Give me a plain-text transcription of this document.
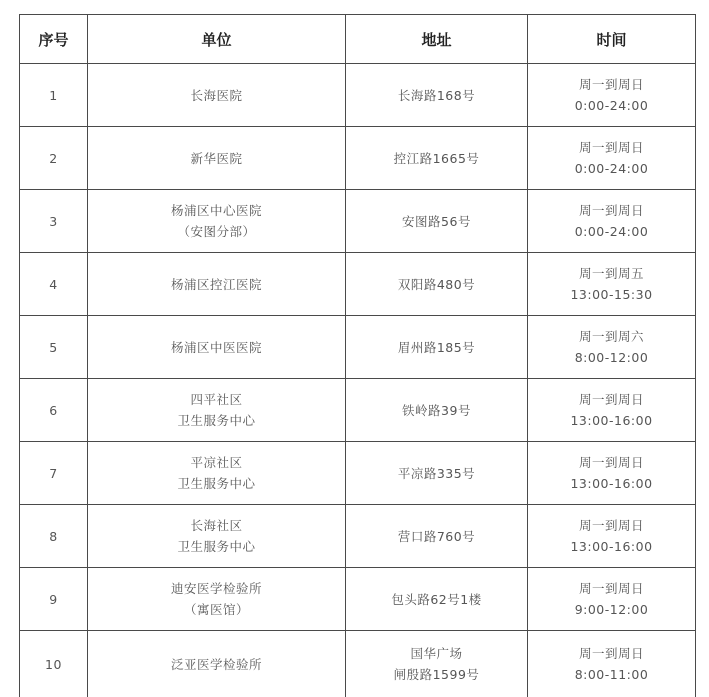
序号	单位	地址	时间
1	长海医院	长海路168号	周一到周日
0:00-24:00

2	新华医院	控江路1665号	周一到周日
0:00-24:00

3	杨浦区中心医院
（安图分部）	安图路56号	周一到周日
0:00-24:00

4	杨浦区控江医院	双阳路480号	周一到周五
13:00-15:30

5	杨浦区中医医院	眉州路185号	周一到周六
8:00-12:00

6	四平社区
卫生服务中心	铁岭路39号	周一到周日
13:00-16:00

7	平凉社区
卫生服务中心	平凉路335号	周一到周日
13:00-16:00

8	长海社区
卫生服务中心	营口路760号	周一到周日
13:00-16:00

9	迪安医学检验所
（寓医馆）	包头路62号1楼	周一到周日
9:00-12:00

10	泛亚医学检验所	国华广场
闸殷路1599号	周一到周日
8:00-11:00
